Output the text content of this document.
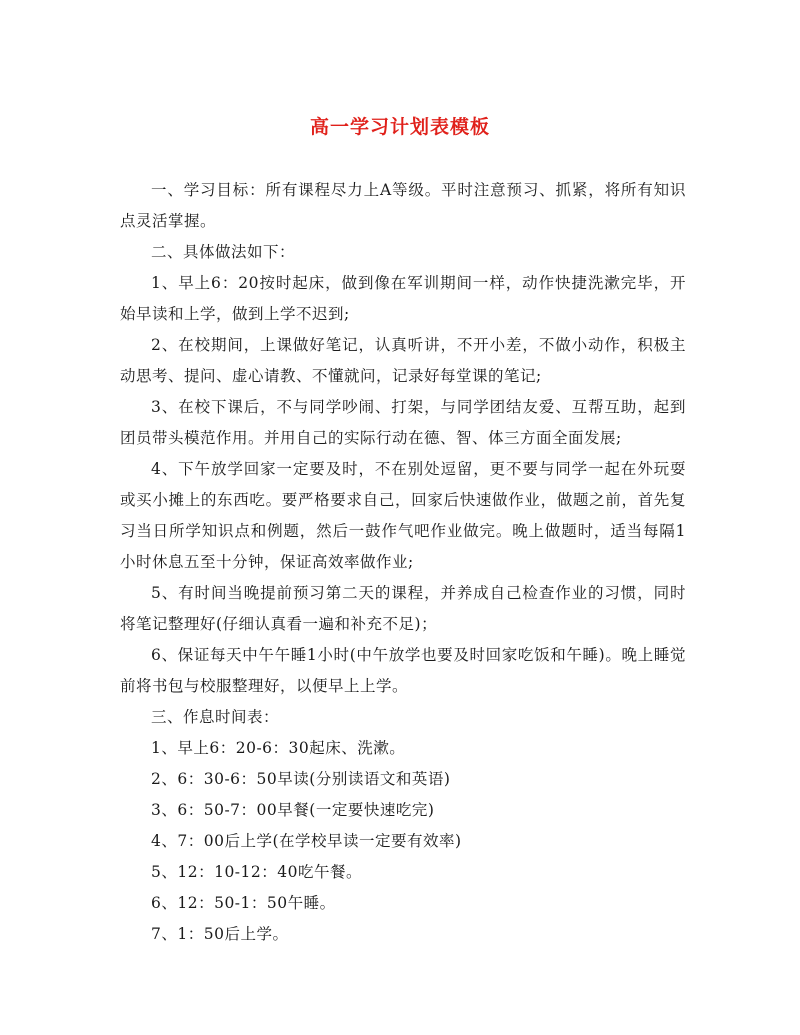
高一学习计划表模板

一、学习目标：所有课程尽力上A等级。平时注意预习、抓紧，将所有知识点灵活掌握。

二、具体做法如下：

1、早上6：20按时起床，做到像在军训期间一样，动作快捷洗漱完毕，开始早读和上学，做到上学不迟到;

2、在校期间，上课做好笔记，认真听讲，不开小差，不做小动作，积极主动思考、提问、虚心请教、不懂就问，记录好每堂课的笔记;

3、在校下课后，不与同学吵闹、打架，与同学团结友爱、互帮互助，起到团员带头模范作用。并用自己的实际行动在德、智、体三方面全面发展;

4、下午放学回家一定要及时，不在别处逗留，更不要与同学一起在外玩耍或买小摊上的东西吃。要严格要求自己，回家后快速做作业，做题之前，首先复习当日所学知识点和例题，然后一鼓作气吧作业做完。晚上做题时，适当每隔1小时休息五至十分钟，保证高效率做作业;

5、有时间当晚提前预习第二天的课程，并养成自己检查作业的习惯，同时将笔记整理好(仔细认真看一遍和补充不足)；

6、保证每天中午午睡1小时(中午放学也要及时回家吃饭和午睡)。晚上睡觉前将书包与校服整理好，以便早上上学。

三、作息时间表：

1、早上6：20-6：30起床、洗漱。

2、6：30-6：50早读(分别读语文和英语)

3、6：50-7：00早餐(一定要快速吃完)

4、7：00后上学(在学校早读一定要有效率)

5、12：10-12：40吃午餐。

6、12：50-1：50午睡。

7、1：50后上学。
